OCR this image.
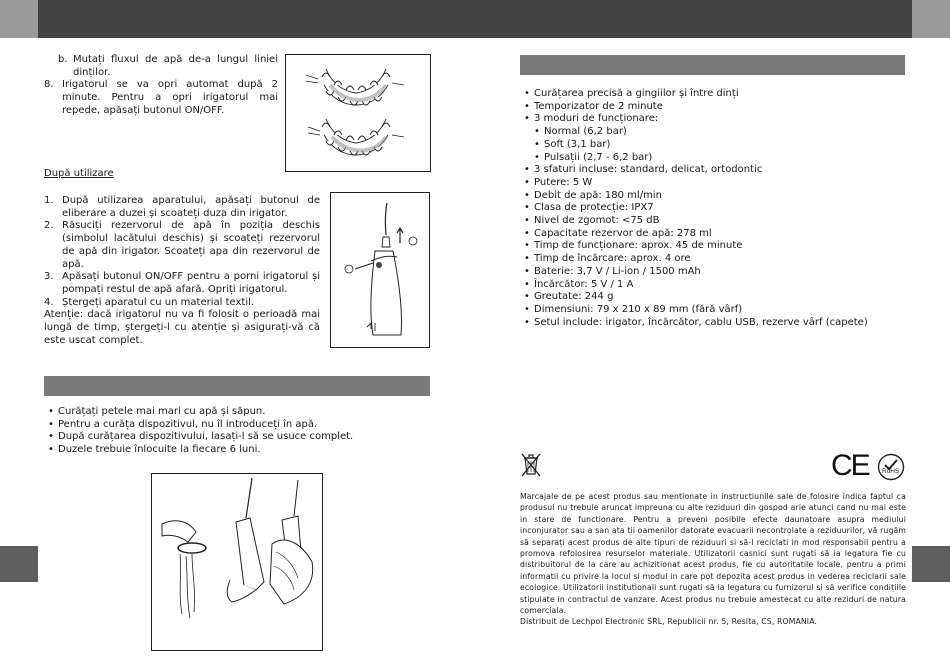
b. Mutați fluxul de apă de-a lungul liniei dinților.
8. Irigatorul se va opri automat după 2 minute. Pentru a opri irigatorul mai repede, apăsați butonul ON/OFF.
După utilizare
1. După utilizarea aparatului, apăsați butonul de eliberare a duzei și scoateți duza din irigator.
2. Răsuciți rezervorul de apă în poziția deschis (simbolul lacătului deschis) și scoateți rezervorul de apă din irigator. Scoateți apa din rezervorul de apă.
3. Apăsați butonul ON/OFF pentru a porni irigatorul și pompați restul de apă afară. Opriți irigatorul.
4. Ștergeți aparatul cu un material textil.
Atenție: dacă irigatorul nu va fi folosit o perioadă mai lungă de timp, ștergeți-l cu atenție și asigurați-vă că este uscat complet.
• Curățați petele mai mari cu apă și săpun.
• Pentru a curăța dispozitivul, nu îl introduceți în apă.
• După curățarea dispozitivului, lasați-l să se usuce complet.
• Duzele trebuie înlocuite la fiecare 6 luni.
• Curățarea precisă a gingiilor și între dinți
• Temporizator de 2 minute
• 3 moduri de funcționare:
• Normal (6,2 bar)
• Soft (3,1 bar)
• Pulsații (2,7 - 6,2 bar)
• 3 sfaturi incluse: standard, delicat, ortodontic
• Putere: 5 W
• Debit de apă: 180 ml/min
• Clasa de protecție: IPX7
• Nivel de zgomot: <75 dB
• Capacitate rezervor de apă: 278 ml
• Timp de funcționare: aprox. 45 de minute
• Timp de încărcare: aprox. 4 ore
• Baterie: 3,7 V / Li-ion / 1500 mAh
• Încărcător: 5 V / 1 A
• Greutate: 244 g
• Dimensiuni: 79 x 210 x 89 mm (fără vârf)
• Setul include: irigator, încărcător, cablu USB, rezerve vârf (capete)
CE	RoHS
Marcajale de pe acest produs sau mentionate in instructiunile sale de folosire indica faptul ca produsul nu trebuie aruncat impreuna cu alte reziduuri din gospod arie atunci cand nu mai este in stare de functionare. Pentru a preveni posibile efecte daunatoare asupra mediului inconjurator sau a san ata tii oamenilor datorate evacuarii necontrolate a reziduurilor, vă rugăm să separați acest produs de alte tipuri de reziduuri si să-l reciclati in mod responsabil pentru a promova refolosirea resurselor materiale. Utilizatorii casnici sunt rugati să ia legatura fie cu distribuitorul de la care au achizitionat acest produs, fie cu autoritatile locale, pentru a primi informatii cu privire la locul si modul in care pot depozita acest produs in vederea reciclarii sale ecologice. Utilizatorii institutionali sunt rugati să ia legatura cu furnizorul si să verifice condițiile stipulate in contractul de vanzare. Acest produs nu trebuie amestecat cu alte reziduri de natura comerciala.
Distribuit de Lechpol Electronic SRL, Republicii nr. 5, Resita, CS, ROMANIA.
